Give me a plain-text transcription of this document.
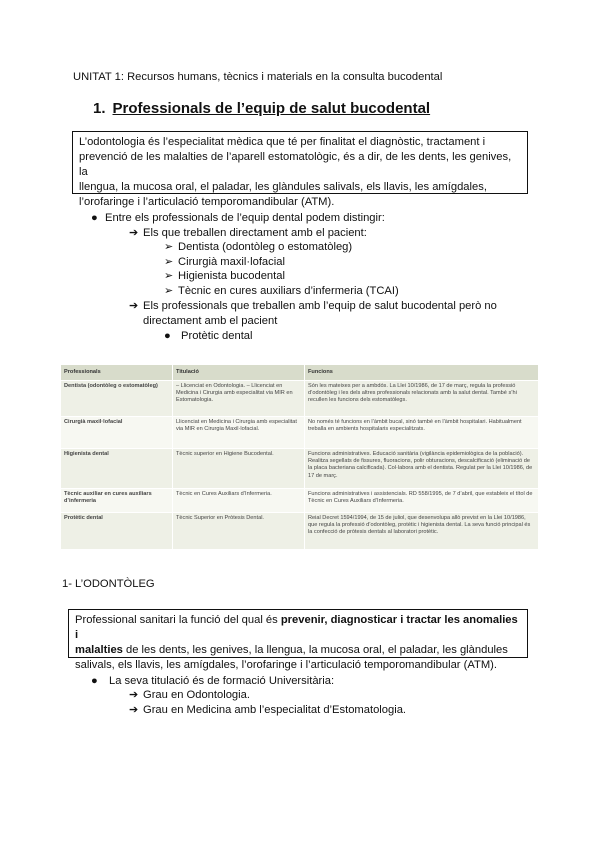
UNITAT 1: Recursos humans, tècnics i materials en la consulta bucodental
1. Professionals de l’equip de salut bucodental
L’odontologia és l’especialitat mèdica que té per finalitat el diagnòstic, tractament i
prevenció de les malalties de l’aparell estomatològic, és a dir, de les dents, les genives, la
llengua, la mucosa oral, el paladar, les glàndules salivals, els llavis, les amígdales,
l’orofaringe i l’articulació temporomandibular (ATM).
● Entre els professionals de l’equip dental podem distingir:
➔ Els que treballen directament amb el pacient:
➢ Dentista (odontòleg o estomatòleg)
➢ Cirurgià maxil·lofacial
➢ Higienista bucodental
➢ Tècnic en cures auxiliars d’infermeria (TCAI)
➔ Els professionals que treballen amb l’equip de salut bucodental però no
directament amb el pacient
● Protètic dental
Professionals	Titulació	Funcions
Dentista (odontòleg o estomatòleg)	– Llicenciat en Odontologia. – Llicenciat en Medicina i Cirurgia amb especialitat via MIR en Estomatologia.	Són les mateixes per a ambdós. La Llei 10/1986, de 17 de març, regula la professió d’odontòleg i les dels altres professionals relacionats amb la salut dental. També s’hi recullen les funcions dels estomatòlegs.
Cirurgià maxil·lofacial	Llicenciat en Medicina i Cirurgia amb especialitat via MIR en Cirurgia Maxil·lofacial.	No només té funcions en l’àmbit bucal, sinó també en l’àmbit hospitalari. Habitualment treballa en ambients hospitalaris especialitzats.
Higienista dental	Tècnic superior en Higiene Bucodental.	Funcions administratives. Educació sanitària (vigilància epidemiològica de la població). Realitza segellats de fissures, fluoracions, polir obturacions, descalcificació (eliminació de la placa bacteriana calcificada). Col·labora amb el dentista. Regulat per la Llei 10/1986, de 17 de març.
Tècnic auxiliar en cures auxiliars d’infermeria	Tècnic en Cures Auxiliars d’Infermeria.	Funcions administratives i assistencials. RD 558/1995, de 7 d’abril, que estableix el títol de Tècnic en Cures Auxiliars d’Infermeria.
Protètic dental	Tècnic Superior en Pròtesis Dental.	Reial Decret 1594/1994, de 15 de juliol, que desenvolupa allò previst en la Llei 10/1986, que regula la professió d’odontòleg, protètic i higienista dental. La seva funció principal és la confecció de pròtesis dentals al laboratori protètic.
1- L’ODONTÒLEG
Professional sanitari la funció del qual és prevenir, diagnosticar i tractar les anomalies i
malalties de les dents, les genives, la llengua, la mucosa oral, el paladar, les glàndules
salivals, els llavis, les amígdales, l’orofaringe i l’articulació temporomandibular (ATM).
● La seva titulació és de formació Universitària:
➔ Grau en Odontologia.
➔ Grau en Medicina amb l’especialitat d’Estomatologia.
